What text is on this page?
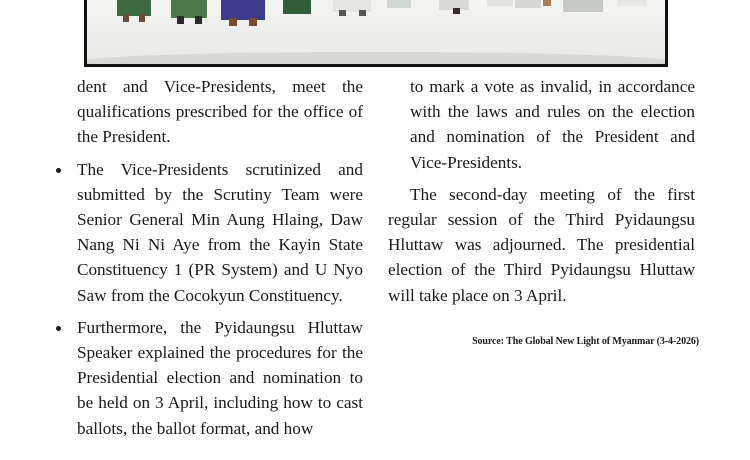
dent and Vice-Presidents, meet the qualifications prescribed for the office of the President.

The Vice-Presidents scrutinized and submitted by the Scrutiny Team were Senior General Min Aung Hlaing, Daw Nang Ni Ni Aye from the Kayin State Constituency 1 (PR System) and U Nyo Saw from the Cocokyun Constituency.

Furthermore, the Pyidaungsu Hluttaw Speaker explained the procedures for the Presidential election and nomination to be held on 3 April, including how to cast ballots, the ballot format, and how

to mark a vote as invalid, in accordance with the laws and rules on the election and nomination of the President and Vice-Presidents.

The second-day meeting of the first regular session of the Third Pyidaungsu Hluttaw was adjourned. The presidential election of the Third Pyidaungsu Hluttaw will take place on 3 April.

Source: The Global New Light of Myanmar (3-4-2026)
